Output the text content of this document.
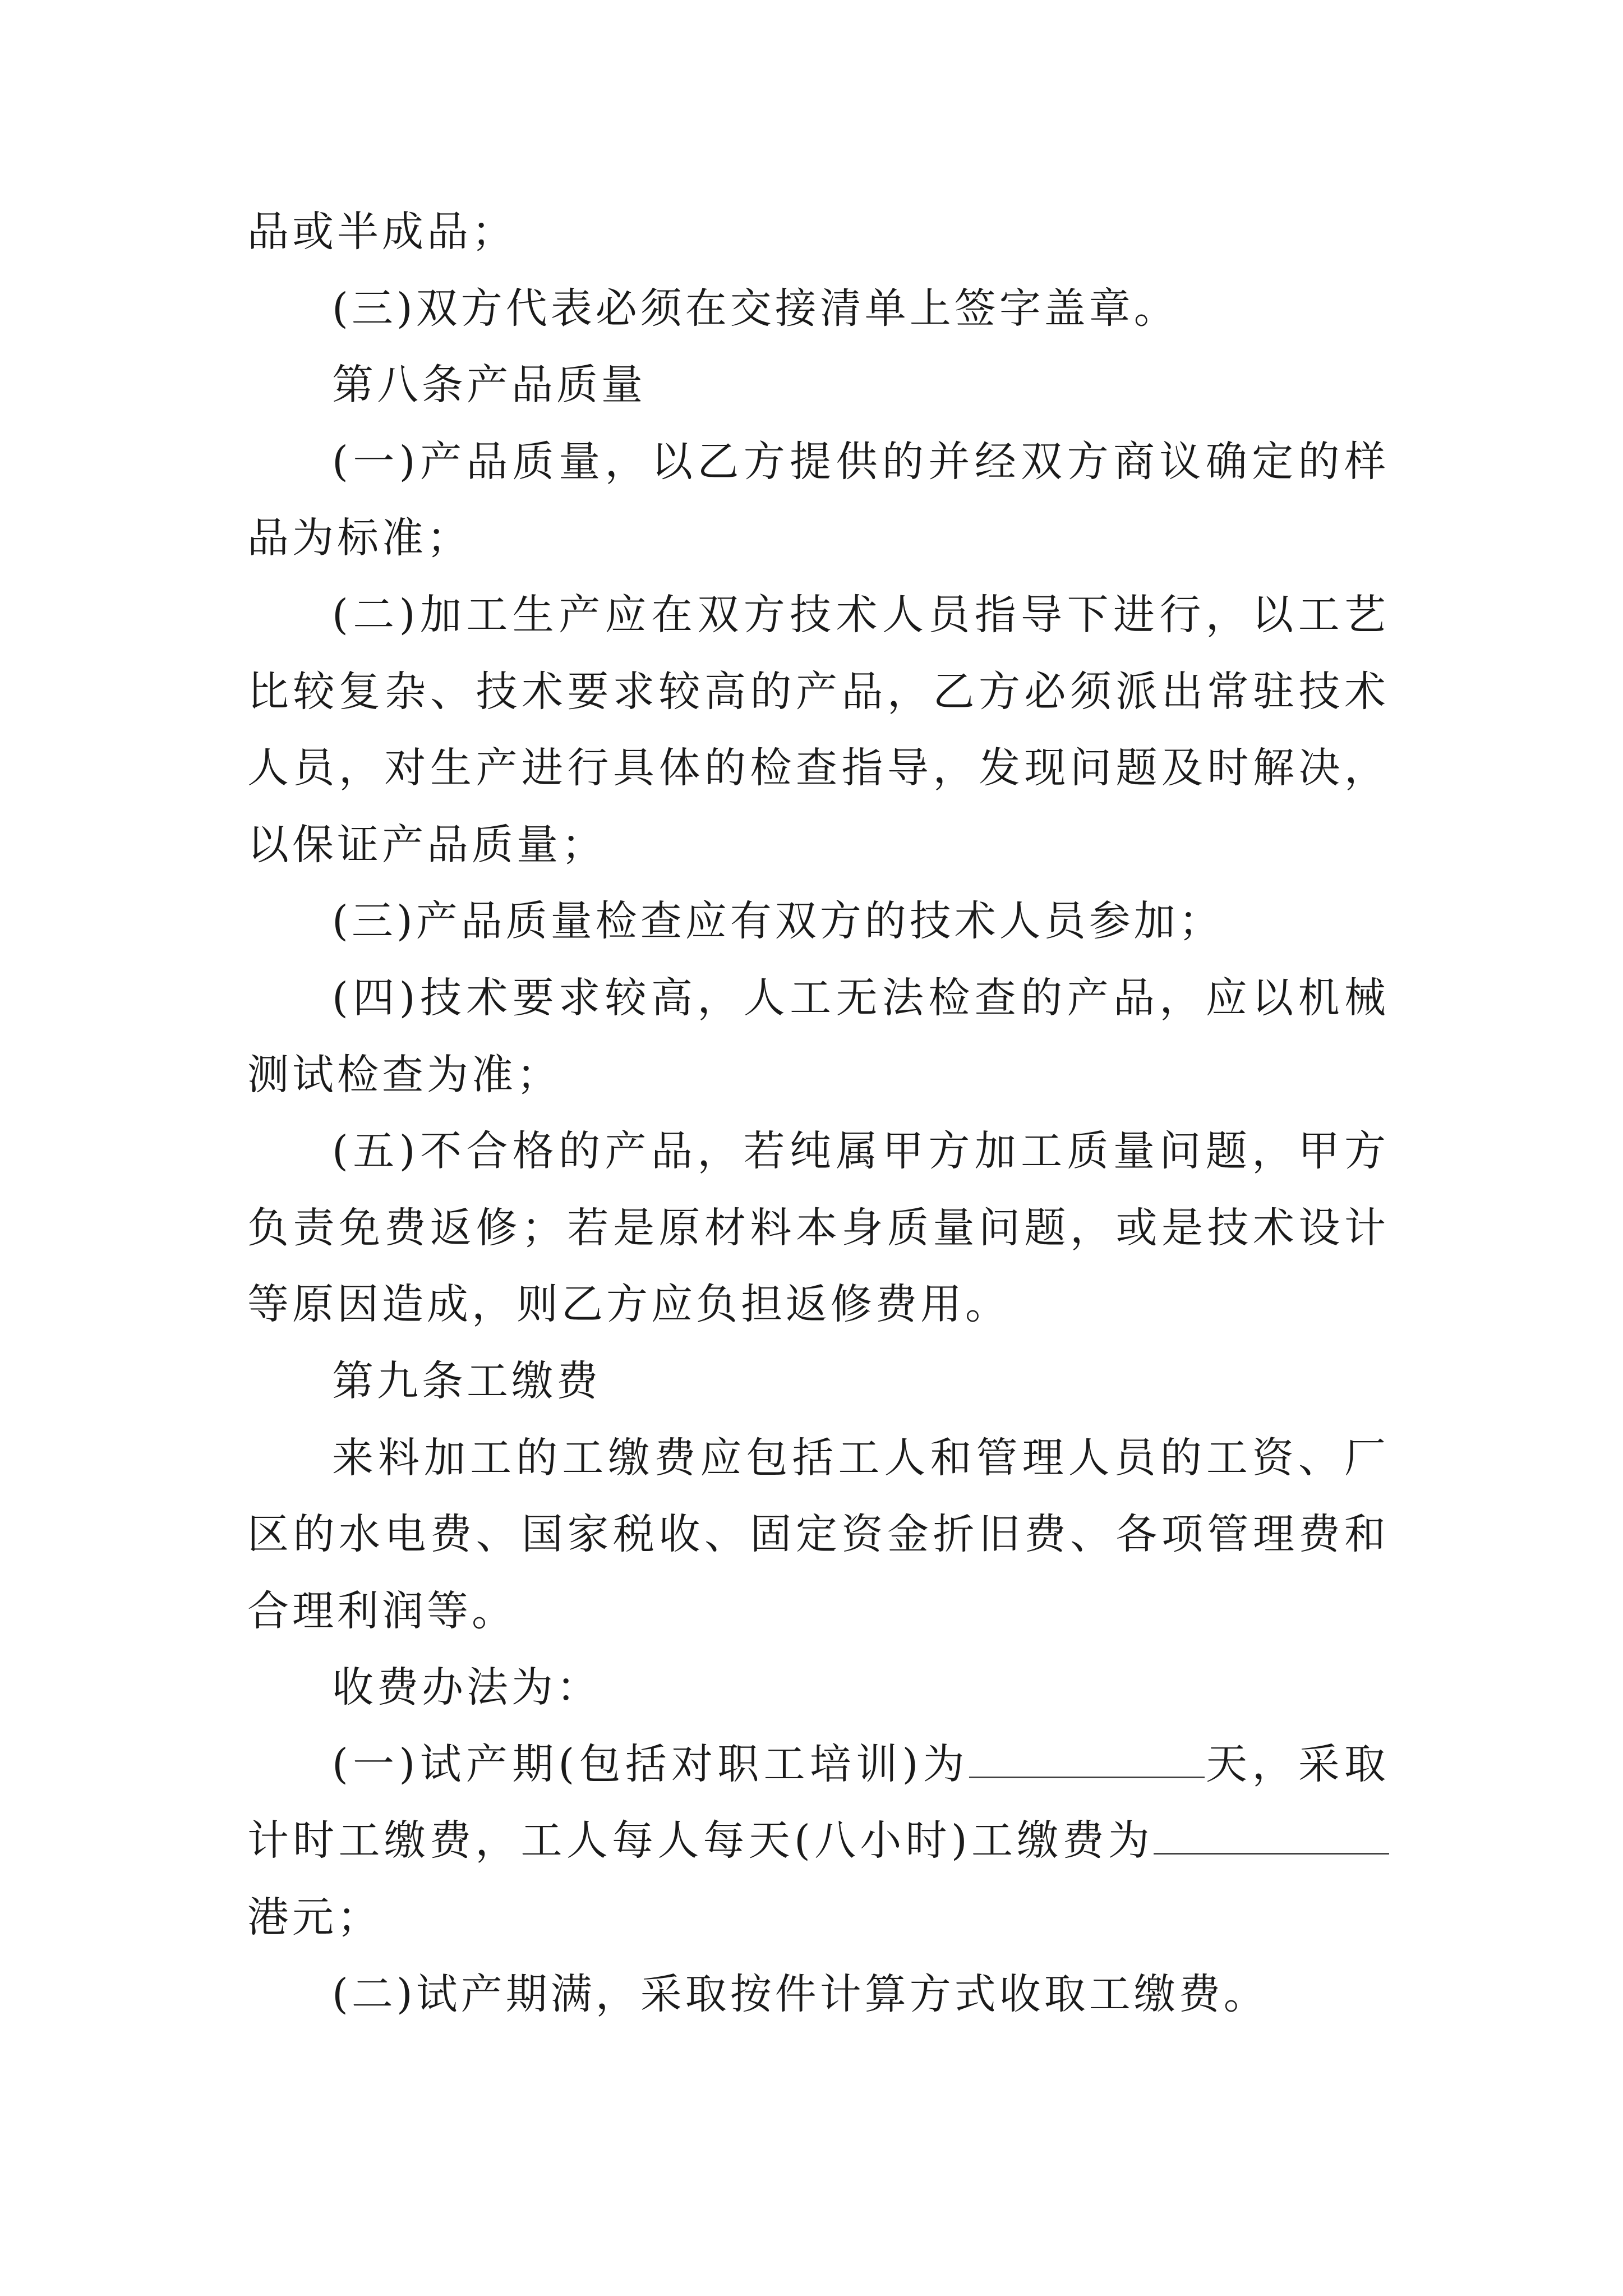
品或半成品；

(三)双方代表必须在交接清单上签字盖章。

第八条产品质量

(一)产品质量，以乙方提供的并经双方商议确定的样品为标准；

(二)加工生产应在双方技术人员指导下进行，以工艺比较复杂、技术要求较高的产品，乙方必须派出常驻技术人员，对生产进行具体的检查指导，发现问题及时解决，以保证产品质量；

(三)产品质量检查应有双方的技术人员参加；

(四)技术要求较高，人工无法检查的产品，应以机械测试检查为准；

(五)不合格的产品，若纯属甲方加工质量问题，甲方负责免费返修；若是原材料本身质量问题，或是技术设计等原因造成，则乙方应负担返修费用。

第九条工缴费

来料加工的工缴费应包括工人和管理人员的工资、厂区的水电费、国家税收、固定资金折旧费、各项管理费和合理利润等。

收费办法为：

(一)试产期(包括对职工培训)为	天，采取计时工缴费，工人每人每天(八小时)工缴费为港元；

(二)试产期满，采取按件计算方式收取工缴费。
